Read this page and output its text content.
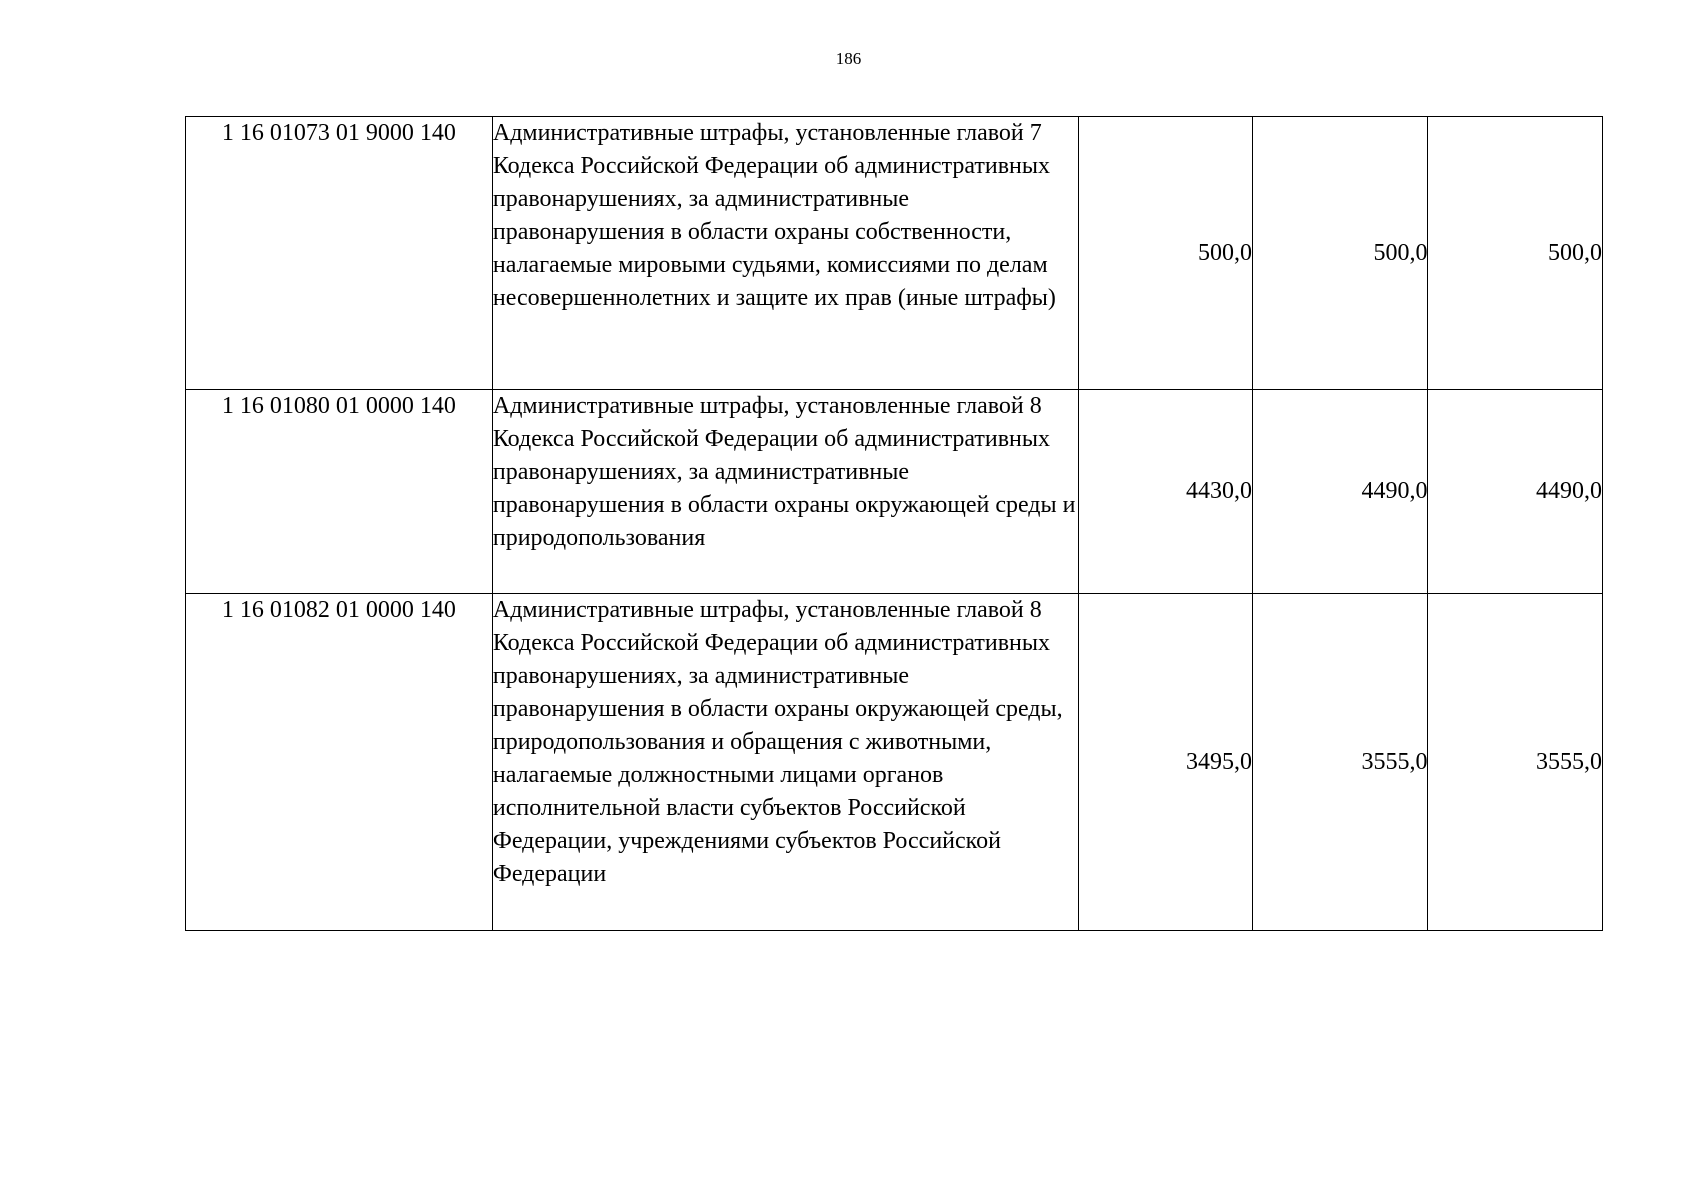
186
1 16 01073 01 9000 140	Административные штрафы, установленные главой 7 Кодекса Российской Федерации об административных правонарушениях, за административные правонарушения в области охраны собственности, налагаемые мировыми судьями, комиссиями по делам несовершеннолетних и защите их прав (иные штрафы)	500,0	500,0	500,0
1 16 01080 01 0000 140	Административные штрафы, установленные главой 8 Кодекса Российской Федерации об административных правонарушениях, за административные правонарушения в области охраны окружающей среды и природопользования	4430,0	4490,0	4490,0
1 16 01082 01 0000 140	Административные штрафы, установленные главой 8 Кодекса Российской Федерации об административных правонарушениях, за административные правонарушения в области охраны окружающей среды, природопользования и обращения с животными, налагаемые должностными лицами органов исполнительной власти субъектов Российской Федерации, учреждениями субъектов Российской Федерации	3495,0	3555,0	3555,0
